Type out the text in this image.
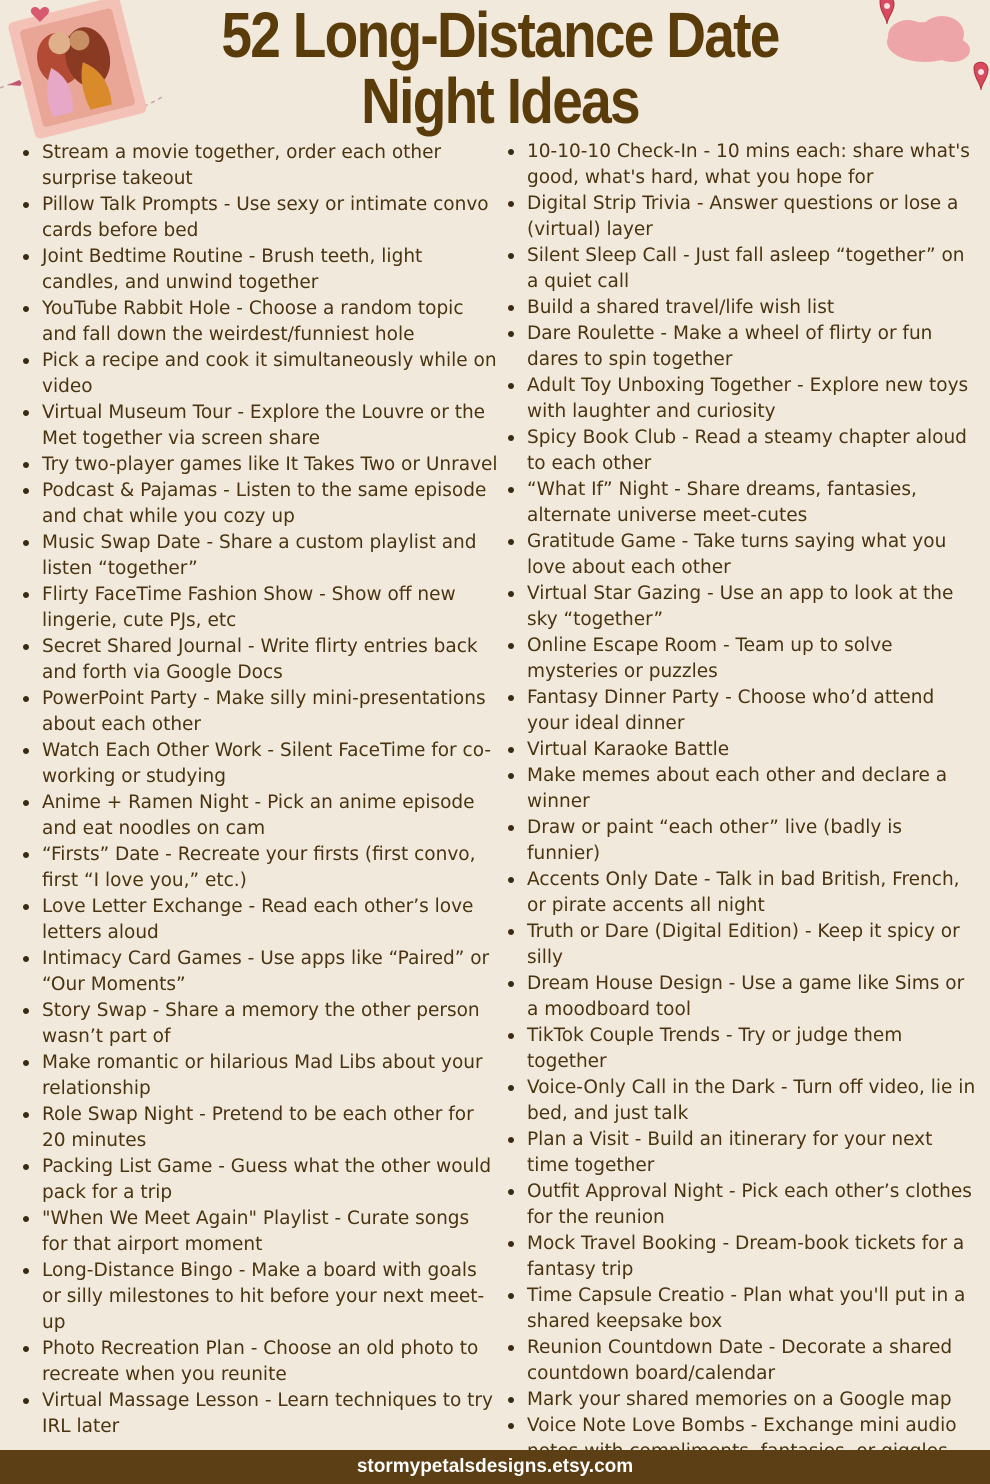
52 Long-Distance Date Night Ideas
Stream a movie together, order each other surprise takeout
Pillow Talk Prompts - Use sexy or intimate convo cards before bed
Joint Bedtime Routine - Brush teeth, light candles, and unwind together
YouTube Rabbit Hole - Choose a random topic and fall down the weirdest/funniest hole
Pick a recipe and cook it simultaneously while on video
Virtual Museum Tour - Explore the Louvre or the Met together via screen share
Try two-player games like It Takes Two or Unravel
Podcast & Pajamas - Listen to the same episode and chat while you cozy up
Music Swap Date - Share a custom playlist and listen “together”
Flirty FaceTime Fashion Show - Show off new lingerie, cute PJs, etc
Secret Shared Journal - Write flirty entries back and forth via Google Docs
PowerPoint Party - Make silly mini-presentations about each other
Watch Each Other Work - Silent FaceTime for co-working or studying
Anime + Ramen Night - Pick an anime episode and eat noodles on cam
“Firsts” Date - Recreate your firsts (first convo, first “I love you,” etc.)
Love Letter Exchange - Read each other’s love letters aloud
Intimacy Card Games - Use apps like “Paired” or “Our Moments”
Story Swap - Share a memory the other person wasn’t part of
Make romantic or hilarious Mad Libs about your relationship
Role Swap Night - Pretend to be each other for 20 minutes
Packing List Game - Guess what the other would pack for a trip
"When We Meet Again" Playlist - Curate songs for that airport moment
Long-Distance Bingo - Make a board with goals or silly milestones to hit before your next meet-up
Photo Recreation Plan - Choose an old photo to recreate when you reunite
Virtual Massage Lesson - Learn techniques to try IRL later
10-10-10 Check-In - 10 mins each: share what's good, what's hard, what you hope for
Digital Strip Trivia - Answer questions or lose a (virtual) layer
Silent Sleep Call - Just fall asleep “together” on a quiet call
Build a shared travel/life wish list
Dare Roulette - Make a wheel of flirty or fun dares to spin together
Adult Toy Unboxing Together - Explore new toys with laughter and curiosity
Spicy Book Club - Read a steamy chapter aloud to each other
“What If” Night - Share dreams, fantasies, alternate universe meet-cutes
Gratitude Game - Take turns saying what you love about each other
Virtual Star Gazing - Use an app to look at the sky “together”
Online Escape Room - Team up to solve mysteries or puzzles
Fantasy Dinner Party - Choose who’d attend your ideal dinner
Virtual Karaoke Battle
Make memes about each other and declare a winner
Draw or paint “each other” live (badly is funnier)
Accents Only Date - Talk in bad British, French, or pirate accents all night
Truth or Dare (Digital Edition) - Keep it spicy or silly
Dream House Design - Use a game like Sims or a moodboard tool
TikTok Couple Trends - Try or judge them together
Voice-Only Call in the Dark - Turn off video, lie in bed, and just talk
Plan a Visit - Build an itinerary for your next time together
Outfit Approval Night - Pick each other’s clothes for the reunion
Mock Travel Booking - Dream-book tickets for a fantasy trip
Time Capsule Creatio - Plan what you'll put in a shared keepsake box
Reunion Countdown Date - Decorate a shared countdown board/calendar
Mark your shared memories on a Google map
Voice Note Love Bombs - Exchange mini audio
stormypetalsdesigns.etsy.com
